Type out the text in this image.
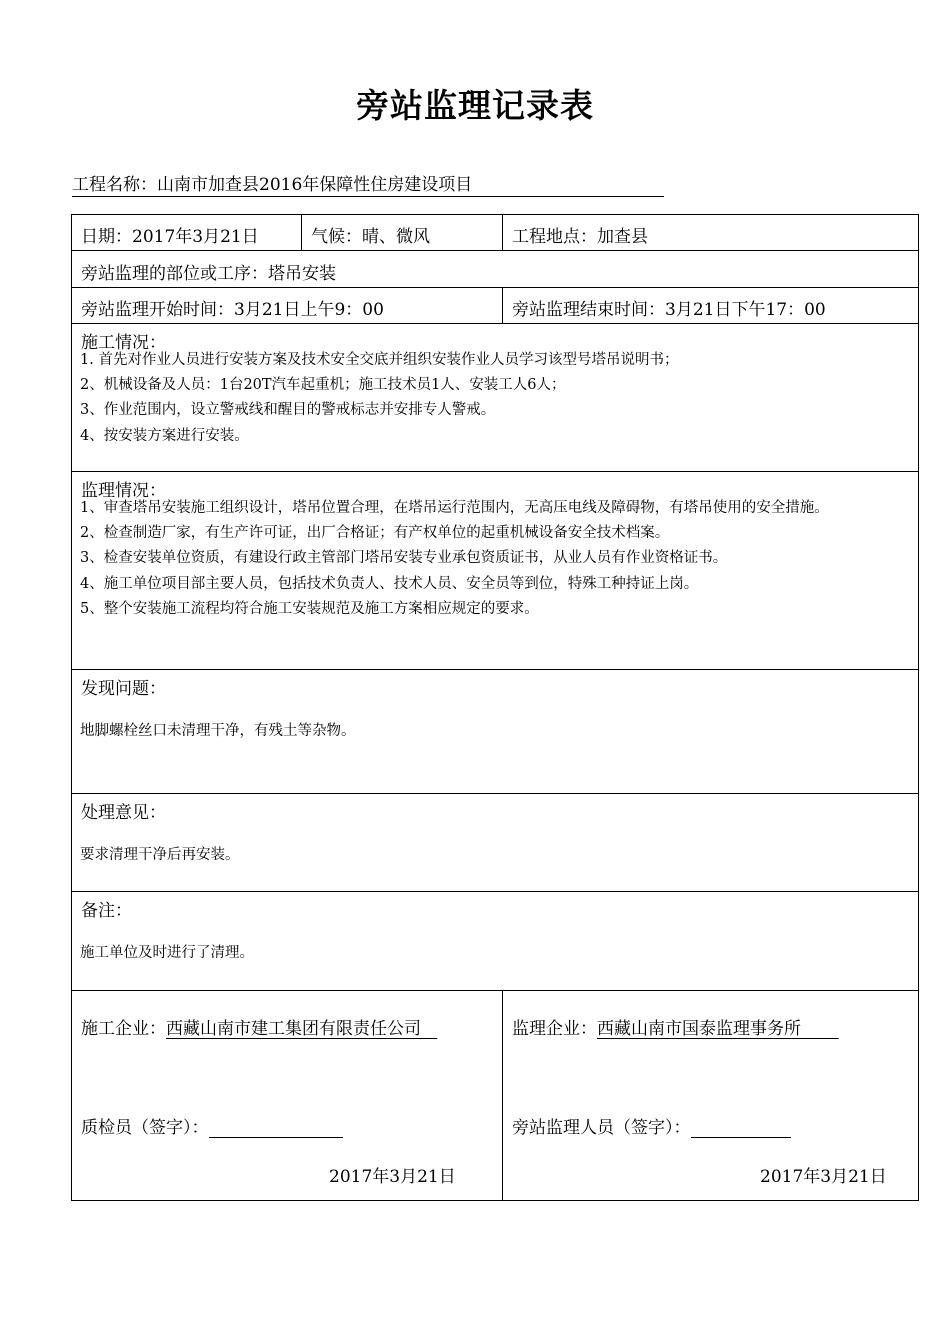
旁站监理记录表
工程名称：山南市加查县2016年保障性住房建设项目
日期：2017年3月21日	气候：晴、微风	工程地点：加查县
旁站监理的部位或工序：塔吊安装
旁站监理开始时间：3月21日上午9：00	旁站监理结束时间：3月21日下午17：00
施工情况：
1. 首先对作业人员进行安装方案及技术安全交底并组织安装作业人员学习该型号塔吊说明书；
2、机械设备及人员：1台20T汽车起重机；施工技术员1人、安装工人6人；
3、作业范围内，设立警戒线和醒目的警戒标志并安排专人警戒。
4、按安装方案进行安装。
监理情况：
1、审查塔吊安装施工组织设计，塔吊位置合理，在塔吊运行范围内，无高压电线及障碍物，有塔吊使用的安全措施。
2、检查制造厂家，有生产许可证，出厂合格证；有产权单位的起重机械设备安全技术档案。
3、检查安装单位资质，有建设行政主管部门塔吊安装专业承包资质证书，从业人员有作业资格证书。
4、施工单位项目部主要人员，包括技术负责人、技术人员、安全员等到位，特殊工种持证上岗。
5、整个安装施工流程均符合施工安装规范及施工方案相应规定的要求。
发现问题：
地脚螺栓丝口未清理干净，有残土等杂物。
处理意见：
要求清理干净后再安装。
备注：
施工单位及时进行了清理。
施工企业：西藏山南市建工集团有限责任公司
质检员（签字）：
2017年3月21日
监理企业：西藏山南市国泰监理事务所
旁站监理人员（签字）：
2017年3月21日
